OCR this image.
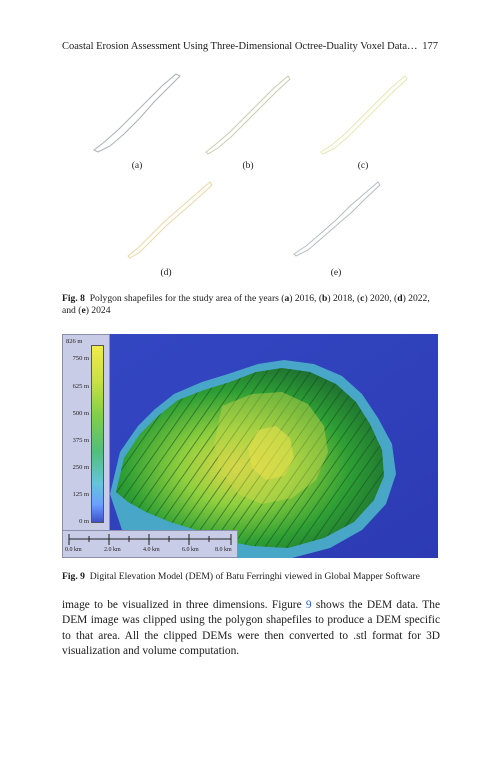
Coastal Erosion Assessment Using Three-Dimensional Octree-Duality Voxel Data… 177
(a)	(b)	(c)
(d)	(e)
Fig. 8 Polygon shapefiles for the study area of the years (a) 2016, (b) 2018, (c) 2020, (d) 2022, and (e) 2024
826 m
750 m
625 m
500 m
375 m
250 m
125 m
0 m
0.0 km	2.0 km	4.0 km	6.0 km	8.0 km
Fig. 9 Digital Elevation Model (DEM) of Batu Ferringhi viewed in Global Mapper Software
image to be visualized in three dimensions. Figure 9 shows the DEM data. The DEM image was clipped using the polygon shapefiles to produce a DEM specific to that area. All the clipped DEMs were then converted to .stl format for 3D visualization and volume computation.
